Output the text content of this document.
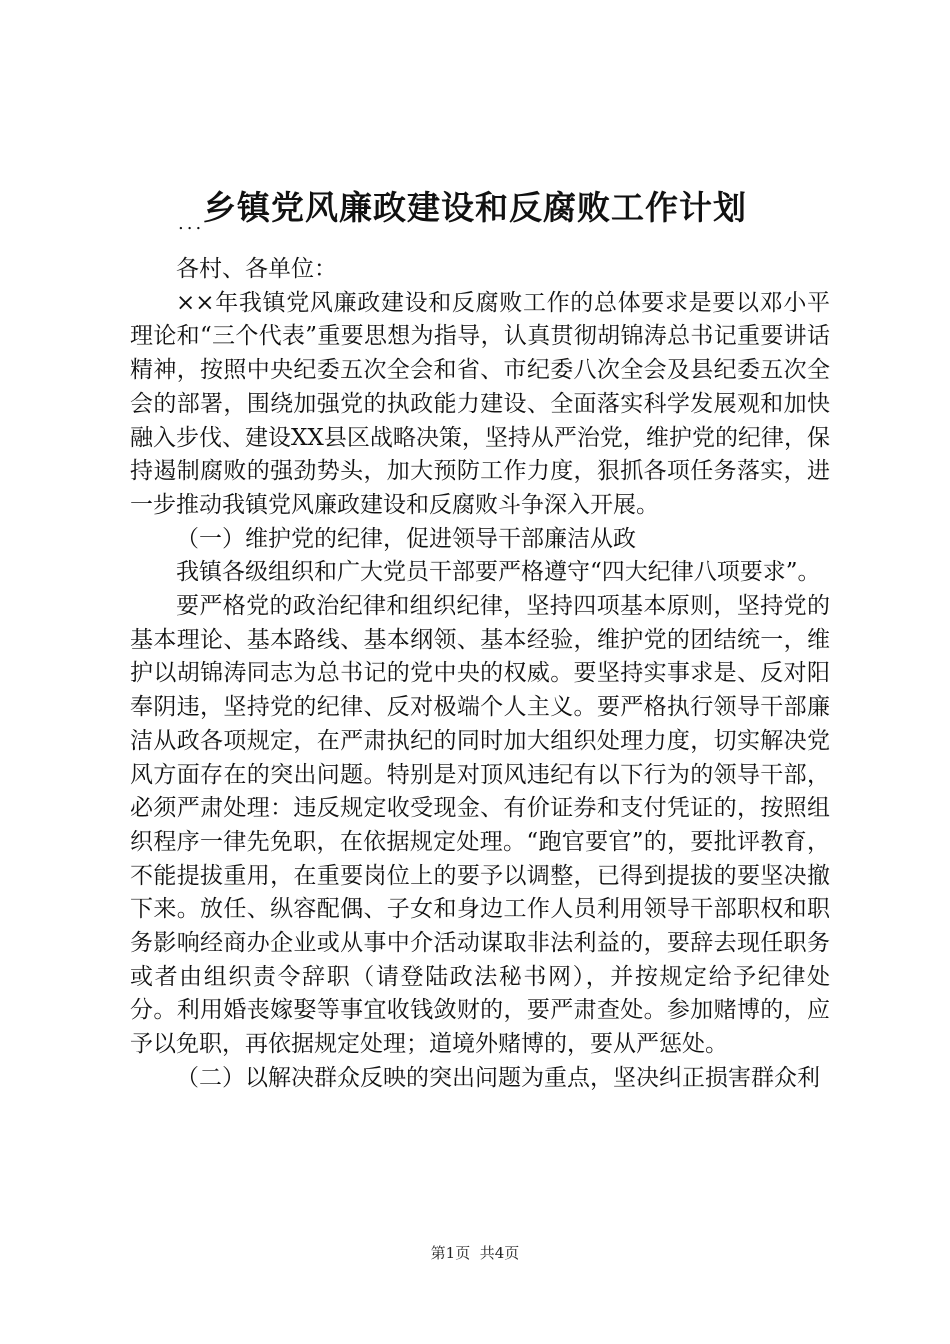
乡镇党风廉政建设和反腐败工作计划
...

各村、各单位：

××年我镇党风廉政建设和反腐败工作的总体要求是要以邓小平理论和“三个代表”重要思想为指导，认真贯彻胡锦涛总书记重要讲话精神，按照中央纪委五次全会和省、市纪委八次全会及县纪委五次全会的部署，围绕加强党的执政能力建设、全面落实科学发展观和加快融入步伐、建设XX县区战略决策，坚持从严治党，维护党的纪律，保持遏制腐败的强劲势头，加大预防工作力度，狠抓各项任务落实，进一步推动我镇党风廉政建设和反腐败斗争深入开展。

（一）维护党的纪律，促进领导干部廉洁从政

我镇各级组织和广大党员干部要严格遵守“四大纪律八项要求”。

要严格党的政治纪律和组织纪律，坚持四项基本原则，坚持党的基本理论、基本路线、基本纲领、基本经验，维护党的团结统一，维护以胡锦涛同志为总书记的党中央的权威。要坚持实事求是、反对阳奉阴违，坚持党的纪律、反对极端个人主义。要严格执行领导干部廉洁从政各项规定，在严肃执纪的同时加大组织处理力度，切实解决党风方面存在的突出问题。特别是对顶风违纪有以下行为的领导干部，必须严肃处理：违反规定收受现金、有价证券和支付凭证的，按照组织程序一律先免职，在依据规定处理。“跑官要官”的，要批评教育，不能提拔重用，在重要岗位上的要予以调整，已得到提拔的要坚决撤下来。放任、纵容配偶、子女和身边工作人员利用领导干部职权和职务影响经商办企业或从事中介活动谋取非法利益的，要辞去现任职务或者由组织责令辞职（请登陆政法秘书网），并按规定给予纪律处分。利用婚丧嫁娶等事宜收钱敛财的，要严肃查处。参加赌博的，应予以免职，再依据规定处理；道境外赌博的，要从严惩处。

（二）以解决群众反映的突出问题为重点，坚决纠正损害群众利

第1页 共4页
